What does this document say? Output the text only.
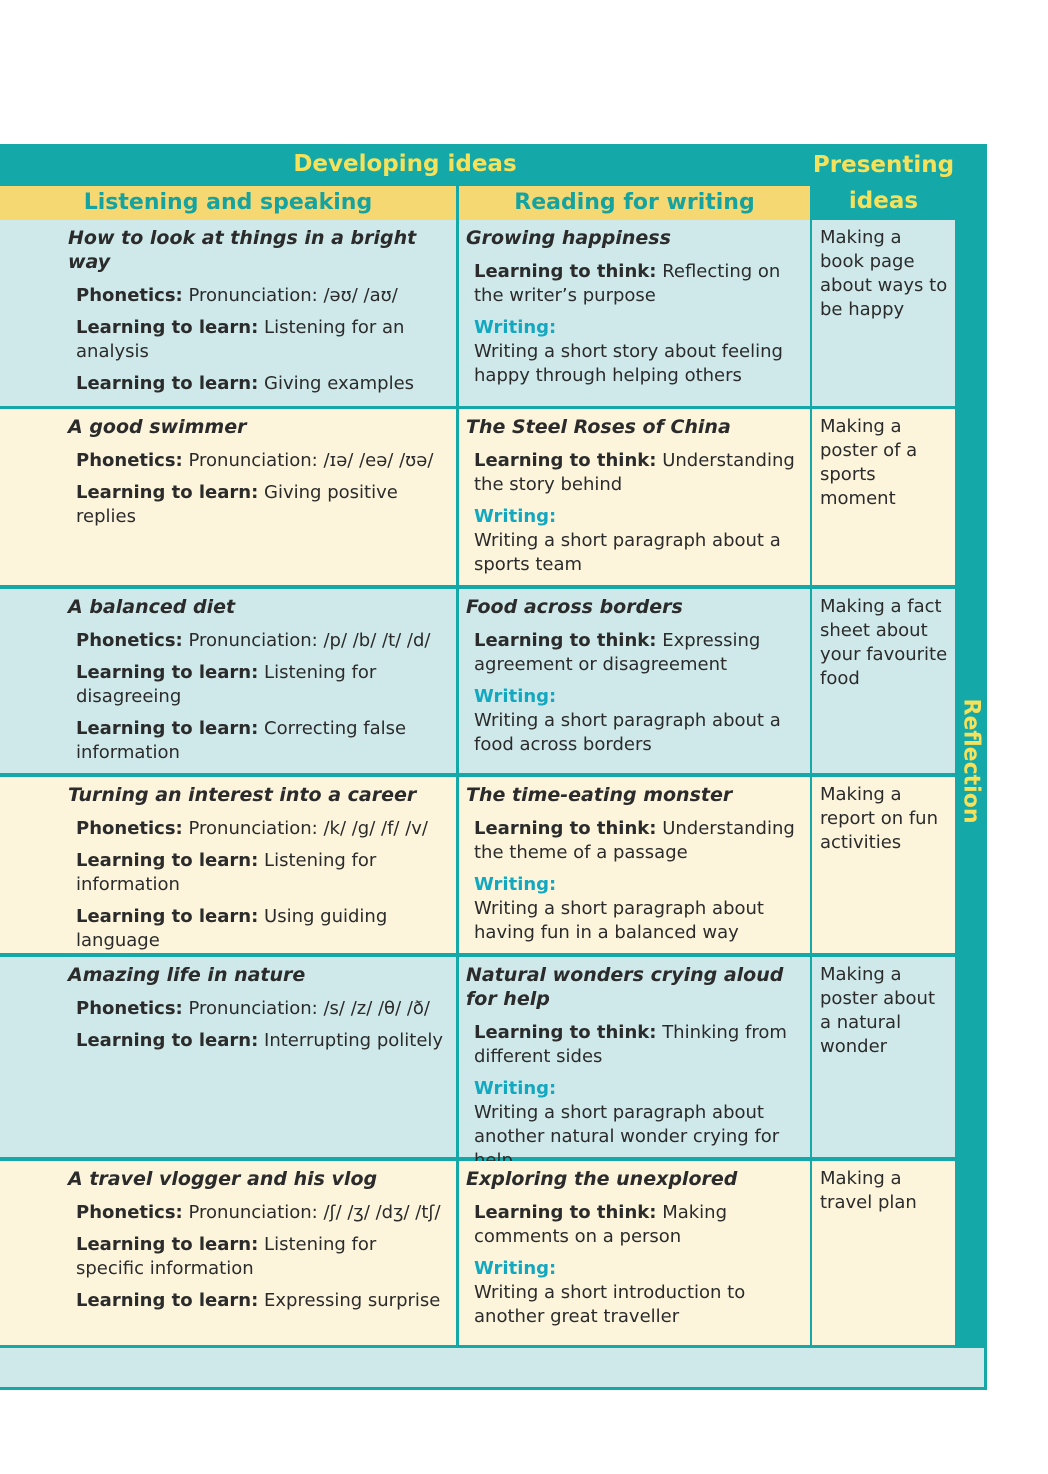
Developing ideas	Presenting ideas
Listening and speaking	Reading for writing
Reflection
How to look at things in a bright way
Phonetics: Pronunciation: /əʊ/ /aʊ/
Learning to learn: Listening for an analysis
Learning to learn: Giving examples
Growing happiness
Learning to think: Reflecting on the writer’s purpose
Writing:
Writing a short story about feeling happy through helping others
Making a book page about ways to be happy
A good swimmer
Phonetics: Pronunciation: /ɪə/ /eə/ /ʊə/
Learning to learn: Giving positive replies
The Steel Roses of China
Learning to think: Understanding the story behind
Writing:
Writing a short paragraph about a sports team
Making a poster of a sports moment
A balanced diet
Phonetics: Pronunciation: /p/ /b/ /t/ /d/
Learning to learn: Listening for disagreeing
Learning to learn: Correcting false information
Food across borders
Learning to think: Expressing agreement or disagreement
Writing:
Writing a short paragraph about a food across borders
Making a fact sheet about your favourite food
Turning an interest into a career
Phonetics: Pronunciation: /k/ /g/ /f/ /v/
Learning to learn: Listening for information
Learning to learn: Using guiding language
The time-eating monster
Learning to think: Understanding the theme of a passage
Writing:
Writing a short paragraph about having fun in a balanced way
Making a report on fun activities
Amazing life in nature
Phonetics: Pronunciation: /s/ /z/ /θ/ /ð/
Learning to learn: Interrupting politely
Natural wonders crying aloud for help
Learning to think: Thinking from different sides
Writing:
Writing a short paragraph about another natural wonder crying for
Making a poster about a natural wonder
A travel vlogger and his vlog
Phonetics: Pronunciation: /ʃ/ /ʒ/ /dʒ/ /tʃ/
Learning to learn: Listening for specific information
Learning to learn: Expressing surprise
Exploring the unexplored
Learning to think: Making comments on a person
Writing:
Writing a short introduction to another great traveller
Making a travel plan
